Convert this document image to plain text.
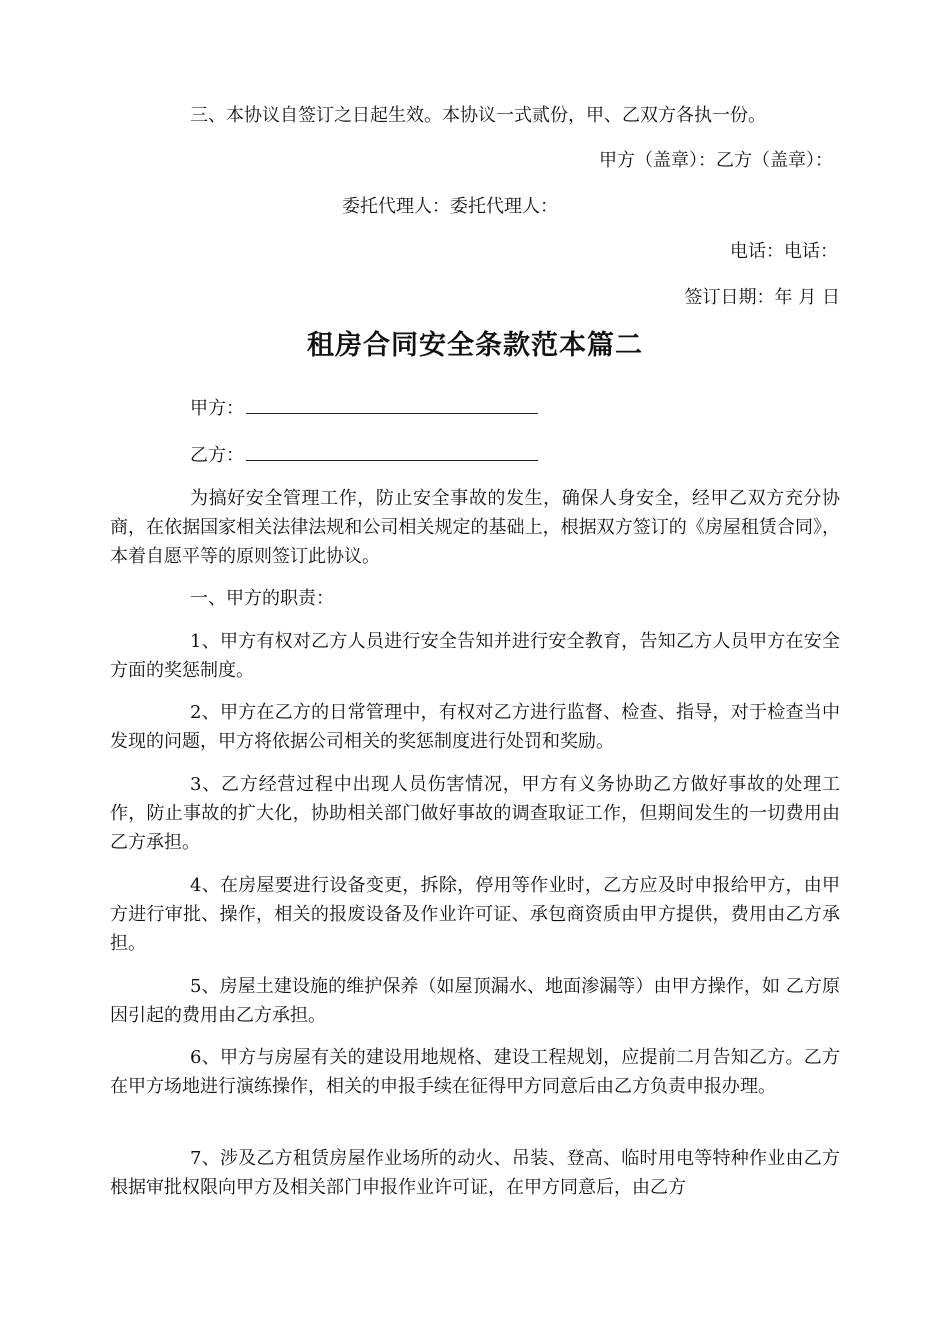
三、本协议自签订之日起生效。本协议一式贰份，甲、乙双方各执一份。
甲方（盖章）：乙方（盖章）：
委托代理人：委托代理人：
电话：电话：
签订日期：年 月 日
租房合同安全条款范本篇二
甲方：
乙方：
为搞好安全管理工作，防止安全事故的发生，确保人身安全，经甲乙双方充分协商，在依据国家相关法律法规和公司相关规定的基础上，根据双方签订的《房屋租赁合同》，本着自愿平等的原则签订此协议。
一、甲方的职责：
1、甲方有权对乙方人员进行安全告知并进行安全教育，告知乙方人员甲方在安全方面的奖惩制度。
2、甲方在乙方的日常管理中，有权对乙方进行监督、检查、指导，对于检查当中发现的问题，甲方将依据公司相关的奖惩制度进行处罚和奖励。
3、乙方经营过程中出现人员伤害情况，甲方有义务协助乙方做好事故的处理工作，防止事故的扩大化，协助相关部门做好事故的调查取证工作，但期间发生的一切费用由乙方承担。
4、在房屋要进行设备变更，拆除，停用等作业时，乙方应及时申报给甲方，由甲方进行审批、操作，相关的报废设备及作业许可证、承包商资质由甲方提供，费用由乙方承担。
5、房屋土建设施的维护保养（如屋顶漏水、地面渗漏等）由甲方操作，如 乙方原因引起的费用由乙方承担。
6、甲方与房屋有关的建设用地规格、建设工程规划，应提前二月告知乙方。乙方在甲方场地进行演练操作，相关的申报手续在征得甲方同意后由乙方负责申报办理。
7、涉及乙方租赁房屋作业场所的动火、吊装、登高、临时用电等特种作业由乙方根据审批权限向甲方及相关部门申报作业许可证，在甲方同意后，由乙方
